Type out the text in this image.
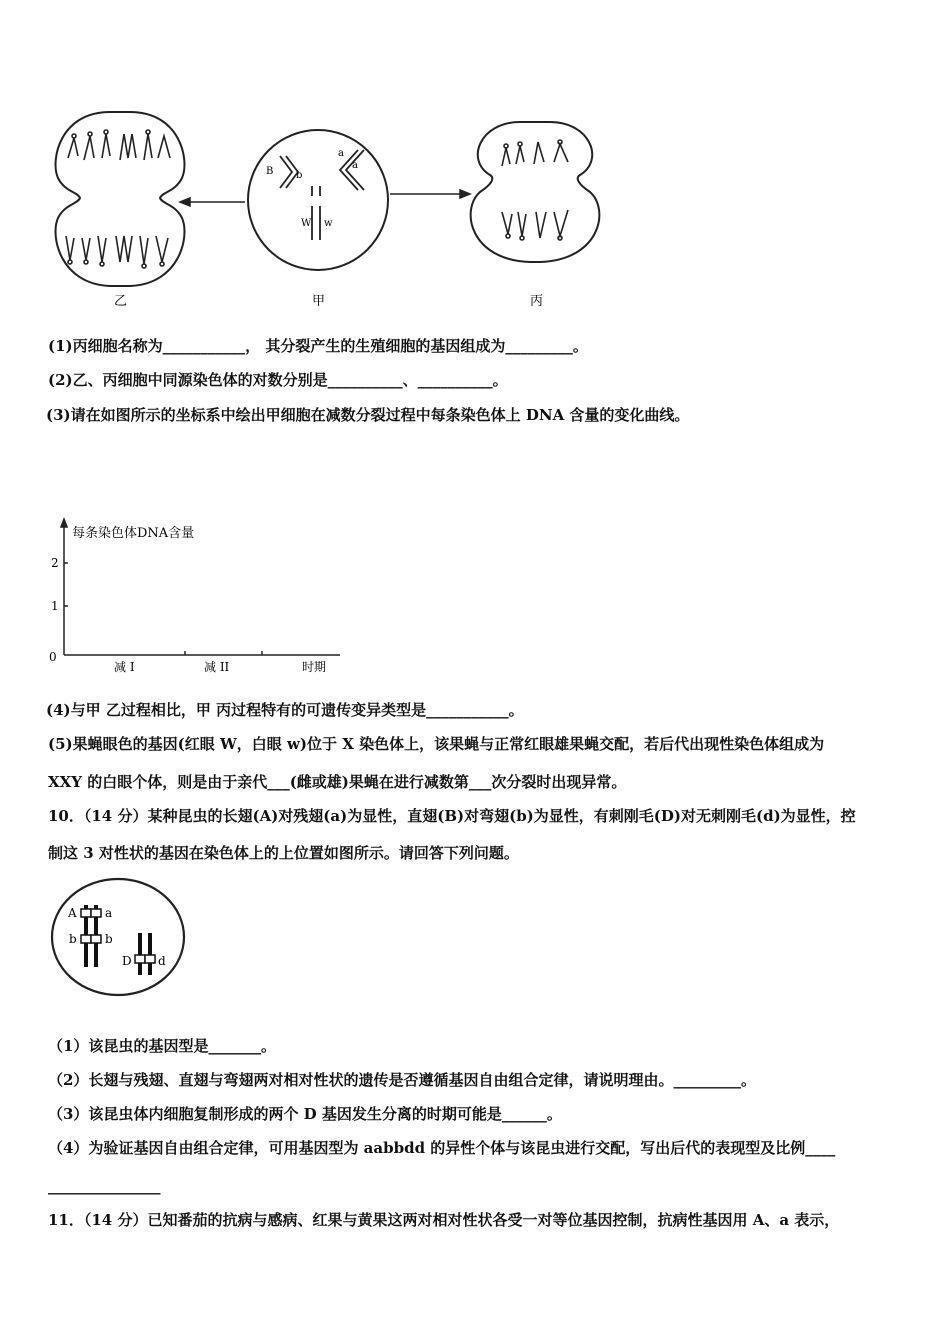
B b
a
a
W w
乙	甲	丙
(1)丙细胞名称为___________， 其分裂产生的生殖细胞的基因组成为_________。
(2)乙、丙细胞中同源染色体的对数分别是__________、__________。
(3)请在如图所示的坐标系中绘出甲细胞在减数分裂过程中每条染色体上 DNA 含量的变化曲线。
每条染色体DNA含量
2
1
0
减 I	减 II	时期
(4)与甲 乙过程相比，甲 丙过程特有的可遗传变异类型是___________。
(5)果蝇眼色的基因(红眼 W，白眼 w)位于 X 染色体上，该果蝇与正常红眼雄果蝇交配，若后代出现性染色体组成为
XXY 的白眼个体，则是由于亲代___(雌或雄)果蝇在进行减数第___次分裂时出现异常。
10．（14 分）某种昆虫的长翅(A)对残翅(a)为显性，直翅(B)对弯翅(b)为显性，有刺刚毛(D)对无刺刚毛(d)为显性，控
制这 3 对性状的基因在染色体上的上位置如图所示。请回答下列问题。
A a
b b
D d
（1）该昆虫的基因型是_______。
（2）长翅与残翅、直翅与弯翅两对相对性状的遗传是否遵循基因自由组合定律，请说明理由。_________。
（3）该昆虫体内细胞复制形成的两个 D 基因发生分离的时期可能是______。
（4）为验证基因自由组合定律，可用基因型为 aabbdd 的异性个体与该昆虫进行交配，写出后代的表现型及比例____
_______________
11．（14 分）已知番茄的抗病与感病、红果与黄果这两对相对性状各受一对等位基因控制，抗病性基因用 A、a 表示，
